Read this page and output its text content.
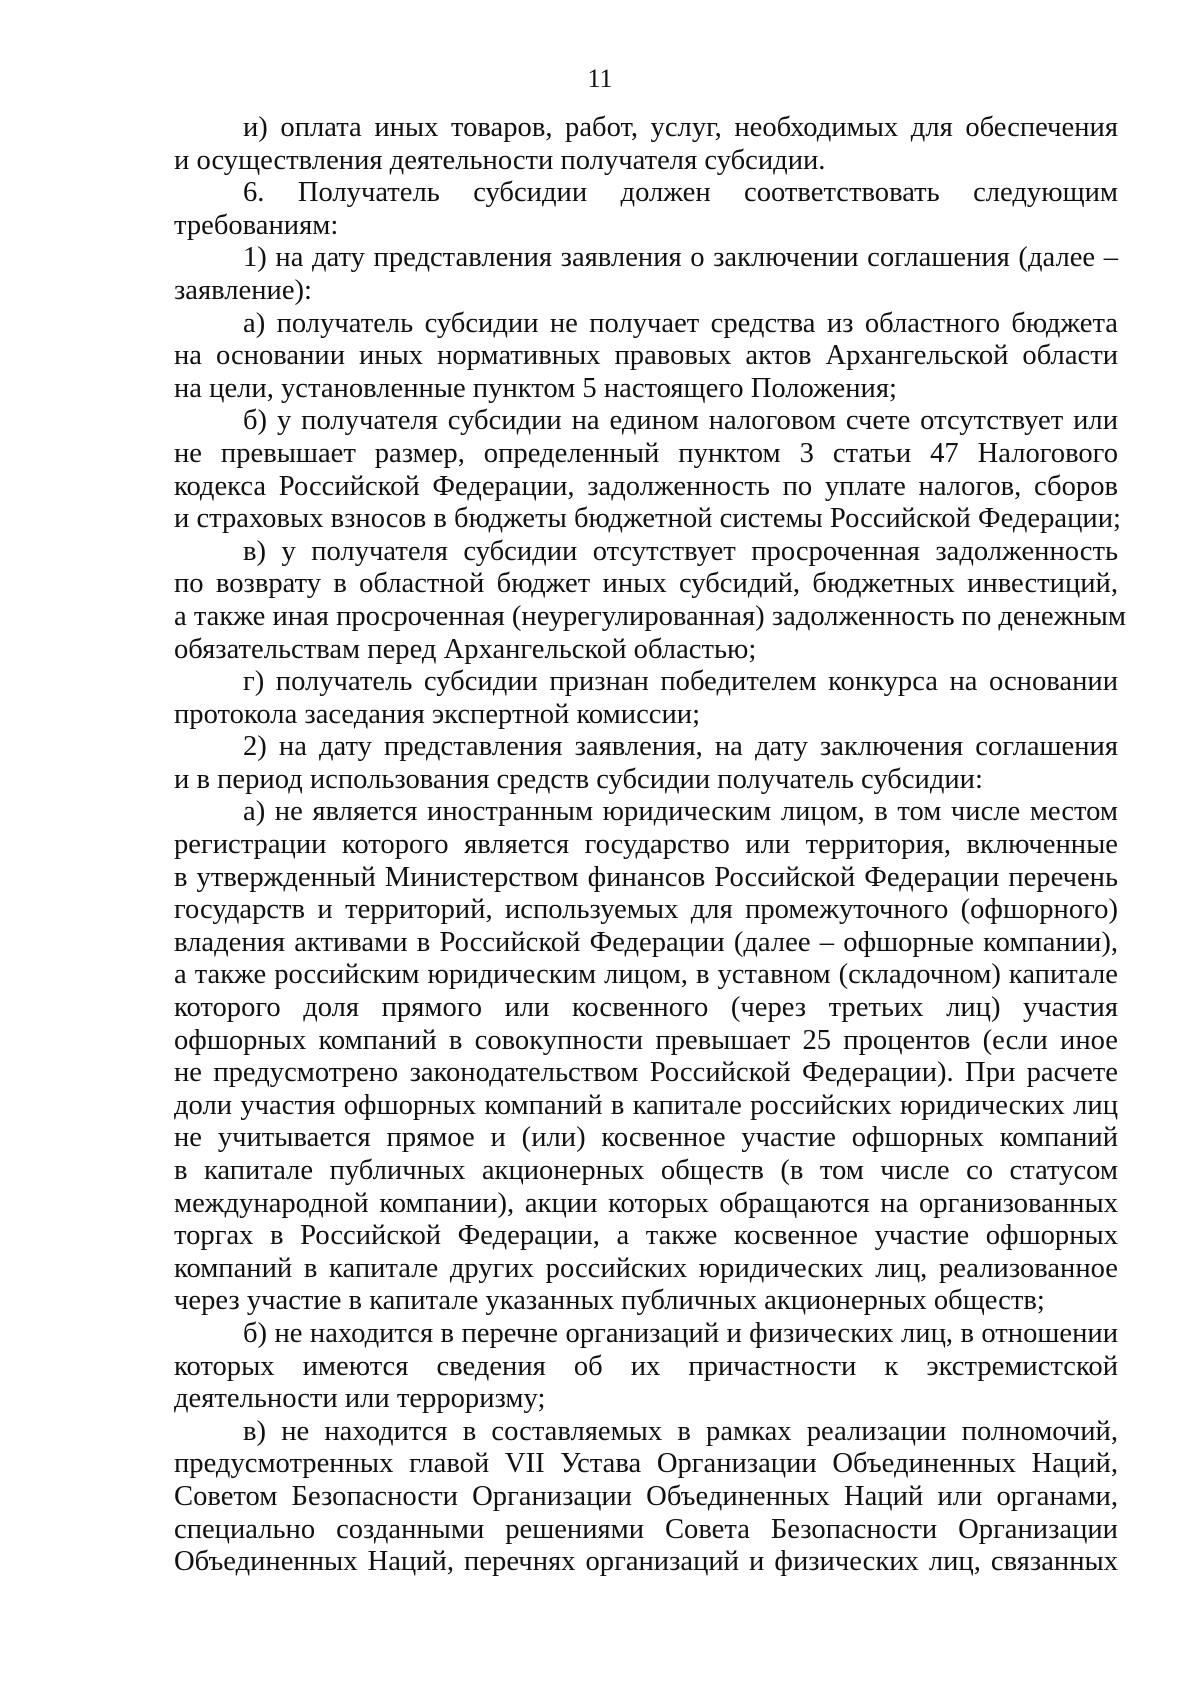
11
и) оплата иных товаров, работ, услуг, необходимых для обеспечения
и осуществления деятельности получателя субсидии.
6. Получатель субсидии должен соответствовать следующим
требованиям:
1) на дату представления заявления о заключении соглашения (далее –
заявление):
а) получатель субсидии не получает средства из областного бюджета
на основании иных нормативных правовых актов Архангельской области
на цели, установленные пунктом 5 настоящего Положения;
б) у получателя субсидии на едином налоговом счете отсутствует или
не превышает размер, определенный пунктом 3 статьи 47 Налогового
кодекса Российской Федерации, задолженность по уплате налогов, сборов
и страховых взносов в бюджеты бюджетной системы Российской Федерации;
в) у получателя субсидии отсутствует просроченная задолженность
по возврату в областной бюджет иных субсидий, бюджетных инвестиций,
а также иная просроченная (неурегулированная) задолженность по денежным
обязательствам перед Архангельской областью;
г) получатель субсидии признан победителем конкурса на основании
протокола заседания экспертной комиссии;
2) на дату представления заявления, на дату заключения соглашения
и в период использования средств субсидии получатель субсидии:
а) не является иностранным юридическим лицом, в том числе местом
регистрации которого является государство или территория, включенные
в утвержденный Министерством финансов Российской Федерации перечень
государств и территорий, используемых для промежуточного (офшорного)
владения активами в Российской Федерации (далее – офшорные компании),
а также российским юридическим лицом, в уставном (складочном) капитале
которого доля прямого или косвенного (через третьих лиц) участия
офшорных компаний в совокупности превышает 25 процентов (если иное
не предусмотрено законодательством Российской Федерации). При расчете
доли участия офшорных компаний в капитале российских юридических лиц
не учитывается прямое и (или) косвенное участие офшорных компаний
в капитале публичных акционерных обществ (в том числе со статусом
международной компании), акции которых обращаются на организованных
торгах в Российской Федерации, а также косвенное участие офшорных
компаний в капитале других российских юридических лиц, реализованное
через участие в капитале указанных публичных акционерных обществ;
б) не находится в перечне организаций и физических лиц, в отношении
которых имеются сведения об их причастности к экстремистской
деятельности или терроризму;
в) не находится в составляемых в рамках реализации полномочий,
предусмотренных главой VII Устава Организации Объединенных Наций,
Советом Безопасности Организации Объединенных Наций или органами,
специально созданными решениями Совета Безопасности Организации
Объединенных Наций, перечнях организаций и физических лиц, связанных
